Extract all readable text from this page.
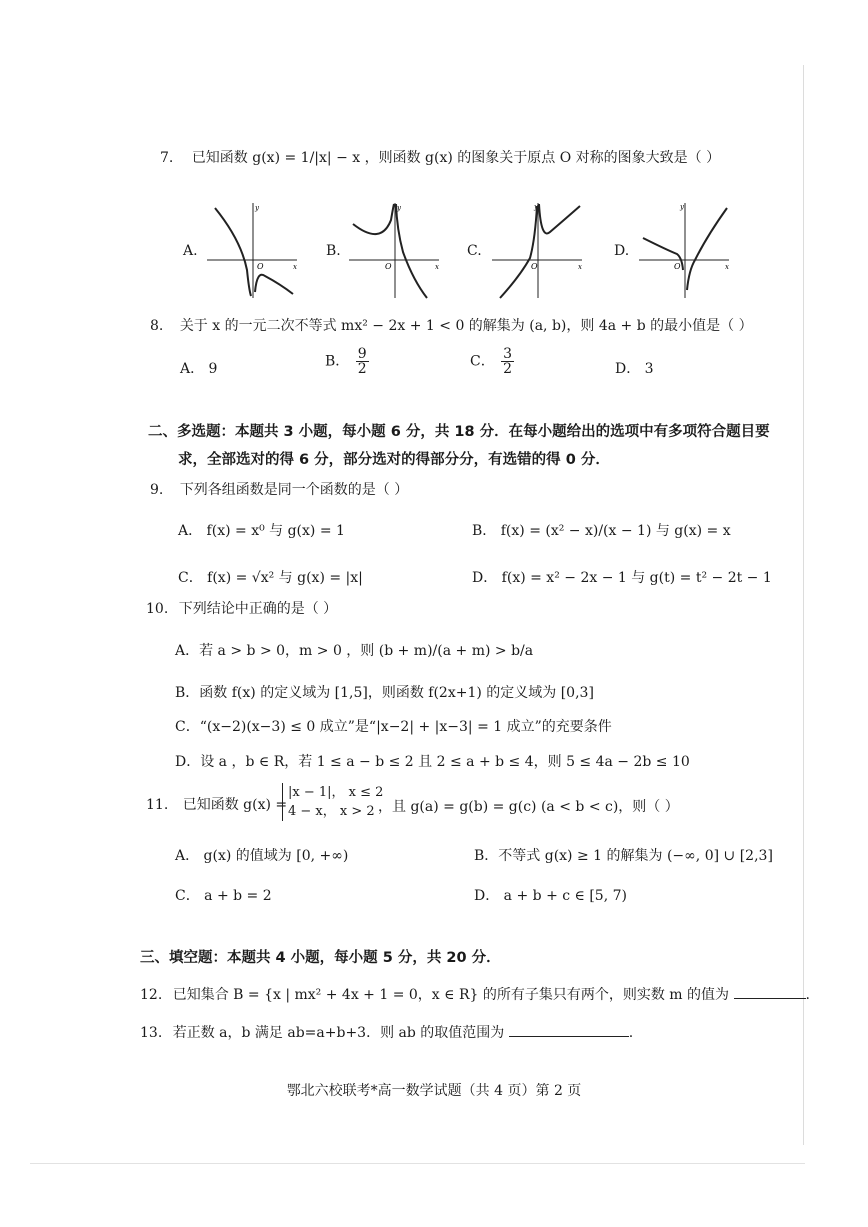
7. 已知函数 g(x) = 1/|x| − x ，则函数 g(x) 的图象关于原点 O 对称的图象大致是（ ）
A.
y
x
O
B.
y
x
O
C.
y
x
O
D.
y
x
O
8. 关于 x 的一元二次不等式 mx² − 2x + 1 < 0 的解集为 (a, b)，则 4a + b 的最小值是（ ）
A． 9	B． $\frac{9}{2}$	C． $\frac{3}{2}$	D． 3
二、多选题：本题共 3 小题，每小题 6 分，共 18 分．在每小题给出的选项中有多项符合题目要
求，全部选对的得 6 分，部分选对的得部分分，有选错的得 0 分．
9. 下列各组函数是同一个函数的是（ ）
A． f(x) = x⁰ 与 g(x) = 1	B． f(x) = (x² − x)/(x − 1) 与 g(x) = x
C． f(x) = √x² 与 g(x) = |x|	D． f(x) = x² − 2x − 1 与 g(t) = t² − 2t − 1
10. 下列结论中正确的是（ ）
A．若 a > b > 0，m > 0 ，则 (b + m)/(a + m) > b/a
B．函数 f(x) 的定义域为 [1,5]，则函数 f(2x+1) 的定义域为 [0,3]
C．“(x−2)(x−3) ≤ 0 成立”是“|x−2| + |x−3| = 1 成立”的充要条件
D．设 a ，b ∈ R，若 1 ≤ a − b ≤ 2 且 2 ≤ a + b ≤ 4，则 5 ≤ 4a − 2b ≤ 10
11. 已知函数 g(x) =
|x − 1|， x ≤ 2
4 − x， x > 2 ，且 g(a) = g(b) = g(c) (a < b < c)，则（ ）
A． g(x) 的值域为 [0, +∞)	B．不等式 g(x) ≥ 1 的解集为 (−∞, 0] ∪ [2,3]
C． a + b = 2	D． a + b + c ∈ [5, 7)
三、填空题：本题共 4 小题，每小题 5 分，共 20 分．
12. 已知集合 B = {x | mx² + 4x + 1 = 0，x ∈ R} 的所有子集只有两个，则实数 m 的值为	.
13. 若正数 a，b 满足 ab=a+b+3．则 ab 的取值范围为	.
鄂北六校联考*高一数学试题（共 4 页）第 2 页
